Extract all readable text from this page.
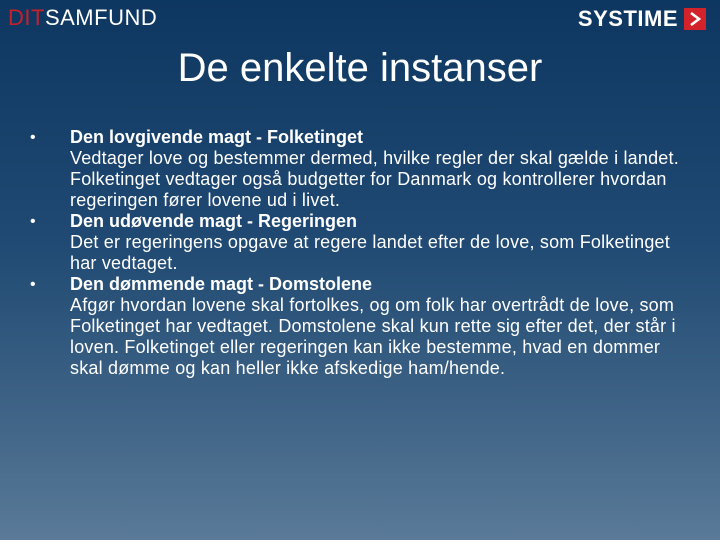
DIT SAMFUND	SYSTIME
De enkelte instanser
• Den lovgivende magt - Folketinget
Vedtager love og bestemmer dermed, hvilke regler der skal gælde i landet. Folketinget vedtager også budgetter for Danmark og kontrollerer hvordan regeringen fører lovene ud i livet.
• Den udøvende magt - Regeringen
Det er regeringens opgave at regere landet efter de love, som Folketinget har vedtaget.
• Den dømmende magt - Domstolene
Afgør hvordan lovene skal fortolkes, og om folk har overtrådt de love, som Folketinget har vedtaget. Domstolene skal kun rette sig efter det, der står i loven. Folketinget eller regeringen kan ikke bestemme, hvad en dommer skal dømme og kan heller ikke afskedige ham/hende.
